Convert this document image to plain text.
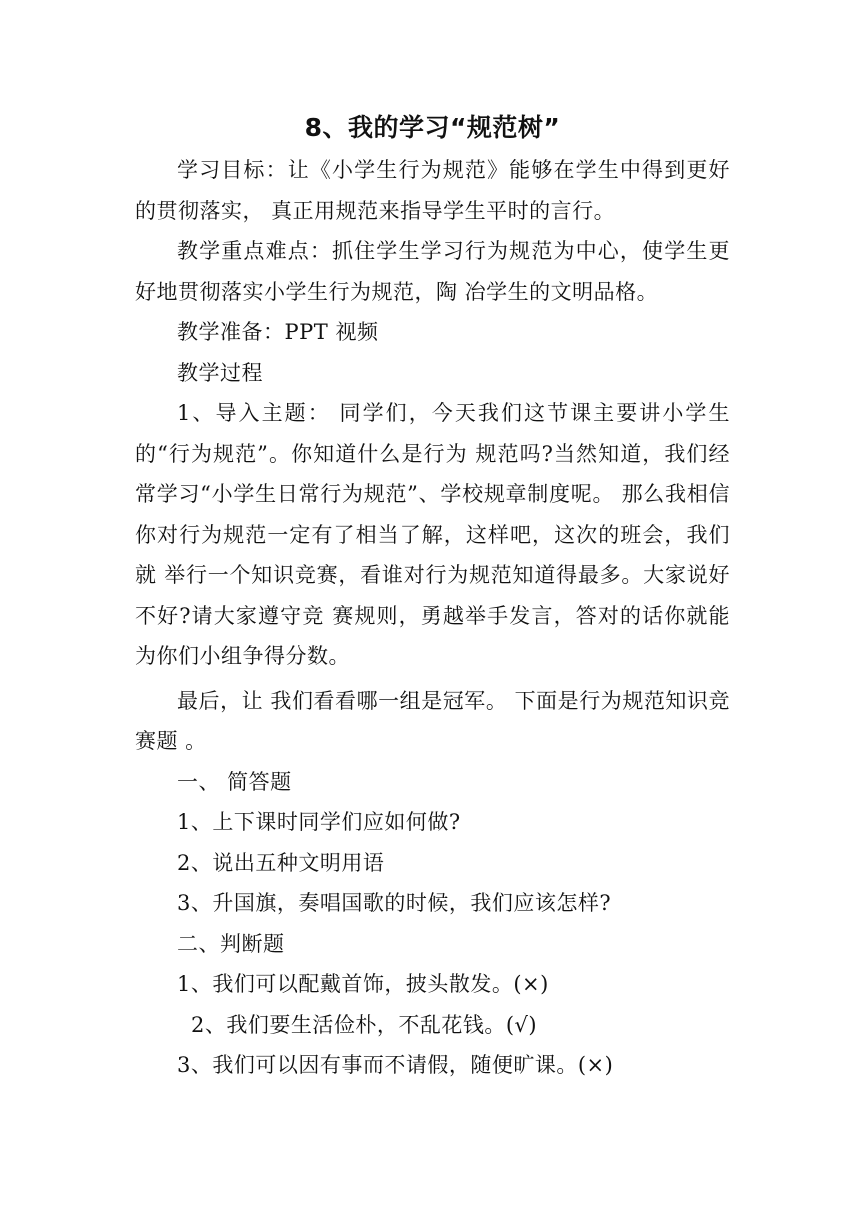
8、我的学习“规范树”

学习目标：让《小学生行为规范》能够在学生中得到更好的贯彻落实， 真正用规范来指导学生平时的言行。

教学重点难点：抓住学生学习行为规范为中心，使学生更好地贯彻落实小学生行为规范，陶 冶学生的文明品格。

教学准备：PPT 视频

教学过程

1、导入主题： 同学们，今天我们这节课主要讲小学生的“行为规范”。你知道什么是行为 规范吗?当然知道，我们经常学习“小学生日常行为规范”、学校规章制度呢。 那么我相信你对行为规范一定有了相当了解，这样吧，这次的班会，我们就 举行一个知识竞赛，看谁对行为规范知道得最多。大家说好不好?请大家遵守竞 赛规则，勇越举手发言，答对的话你就能为你们小组争得分数。

最后，让 我们看看哪一组是冠军。 下面是行为规范知识竞赛题 。

一、 简答题
1、上下课时同学们应如何做?
2、说出五种文明用语
3、升国旗，奏唱国歌的时候，我们应该怎样?
二、判断题
1、我们可以配戴首饰，披头散发。(×)
2、我们要生活俭朴，不乱花钱。(√)
3、我们可以因有事而不请假，随便旷课。(×)
